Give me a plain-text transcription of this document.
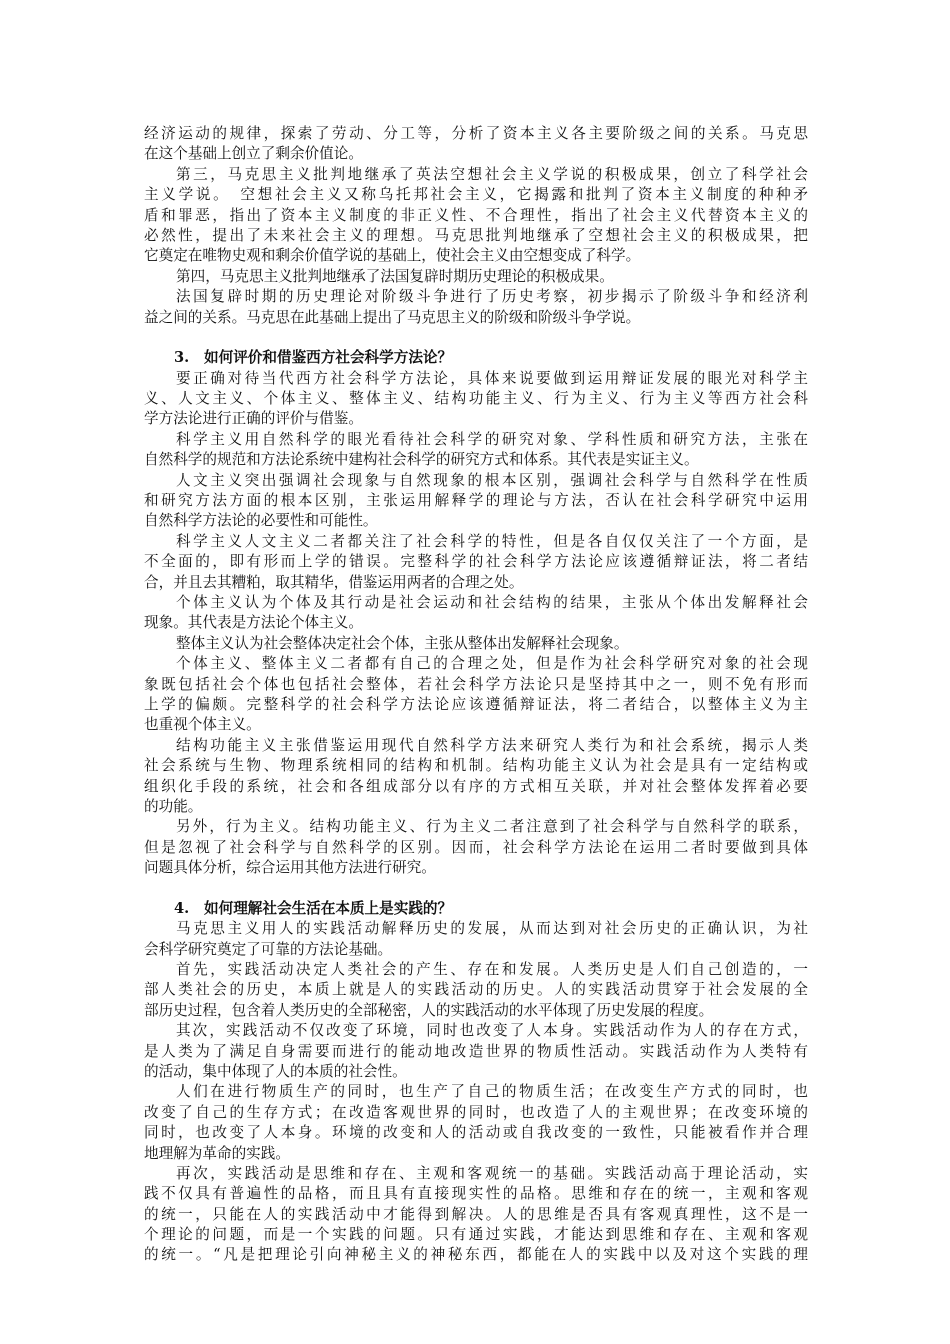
经济运动的规律，探索了劳动、分工等，分析了资本主义各主要阶级之间的关系。马克思
在这个基础上创立了剩余价值论。
第三，马克思主义批判地继承了英法空想社会主义学说的积极成果，创立了科学社会
主义学说。　空想社会主义又称乌托邦社会主义，它揭露和批判了资本主义制度的种种矛
盾和罪恶，指出了资本主义制度的非正义性、不合理性，指出了社会主义代替资本主义的
必然性，提出了未来社会主义的理想。马克思批判地继承了空想社会主义的积极成果，把
它奠定在唯物史观和剩余价值学说的基础上，使社会主义由空想变成了科学。
第四，马克思主义批判地继承了法国复辟时期历史理论的积极成果。
法国复辟时期的历史理论对阶级斗争进行了历史考察，初步揭示了阶级斗争和经济利
益之间的关系。马克思在此基础上提出了马克思主义的阶级和阶级斗争学说。
3. 如何评价和借鉴西方社会科学方法论？
要正确对待当代西方社会科学方法论，具体来说要做到运用辩证发展的眼光对科学主
义、人文主义、个体主义、整体主义、结构功能主义、行为主义、行为主义等西方社会科
学方法论进行正确的评价与借鉴。
科学主义用自然科学的眼光看待社会科学的研究对象、学科性质和研究方法，主张在
自然科学的规范和方法论系统中建构社会科学的研究方式和体系。其代表是实证主义。
人文主义突出强调社会现象与自然现象的根本区别，强调社会科学与自然科学在性质
和研究方法方面的根本区别，主张运用解释学的理论与方法，否认在社会科学研究中运用
自然科学方法论的必要性和可能性。
科学主义人文主义二者都关注了社会科学的特性，但是各自仅仅关注了一个方面，是
不全面的，即有形而上学的错误。完整科学的社会科学方法论应该遵循辩证法，将二者结
合，并且去其糟粕，取其精华，借鉴运用两者的合理之处。
个体主义认为个体及其行动是社会运动和社会结构的结果，主张从个体出发解释社会
现象。其代表是方法论个体主义。
整体主义认为社会整体决定社会个体，主张从整体出发解释社会现象。
个体主义、整体主义二者都有自己的合理之处，但是作为社会科学研究对象的社会现
象既包括社会个体也包括社会整体，若社会科学方法论只是坚持其中之一，则不免有形而
上学的偏颇。完整科学的社会科学方法论应该遵循辩证法，将二者结合，以整体主义为主
也重视个体主义。
结构功能主义主张借鉴运用现代自然科学方法来研究人类行为和社会系统，揭示人类
社会系统与生物、物理系统相同的结构和机制。结构功能主义认为社会是具有一定结构或
组织化手段的系统，社会和各组成部分以有序的方式相互关联，并对社会整体发挥着必要
的功能。
另外，行为主义。结构功能主义、行为主义二者注意到了社会科学与自然科学的联系，
但是忽视了社会科学与自然科学的区别。因而，社会科学方法论在运用二者时要做到具体
问题具体分析，综合运用其他方法进行研究。
4. 如何理解社会生活在本质上是实践的？
马克思主义用人的实践活动解释历史的发展，从而达到对社会历史的正确认识，为社
会科学研究奠定了可靠的方法论基础。
首先，实践活动决定人类社会的产生、存在和发展。人类历史是人们自己创造的，一
部人类社会的历史，本质上就是人的实践活动的历史。人的实践活动贯穿于社会发展的全
部历史过程，包含着人类历史的全部秘密，人的实践活动的水平体现了历史发展的程度。
其次，实践活动不仅改变了环境，同时也改变了人本身。实践活动作为人的存在方式，
是人类为了满足自身需要而进行的能动地改造世界的物质性活动。实践活动作为人类特有
的活动，集中体现了人的本质的社会性。
人们在进行物质生产的同时，也生产了自己的物质生活；在改变生产方式的同时，也
改变了自己的生存方式；在改造客观世界的同时，也改造了人的主观世界；在改变环境的
同时，也改变了人本身。环境的改变和人的活动或自我改变的一致性，只能被看作并合理
地理解为革命的实践。
再次，实践活动是思维和存在、主观和客观统一的基础。实践活动高于理论活动，实
践不仅具有普遍性的品格，而且具有直接现实性的品格。思维和存在的统一，主观和客观
的统一，只能在人的实践活动中才能得到解决。人的思维是否具有客观真理性，这不是一
个理论的问题，而是一个实践的问题。只有通过实践，才能达到思维和存在、主观和客观
的统一。“凡是把理论引向神秘主义的神秘东西，都能在人的实践中以及对这个实践的理
